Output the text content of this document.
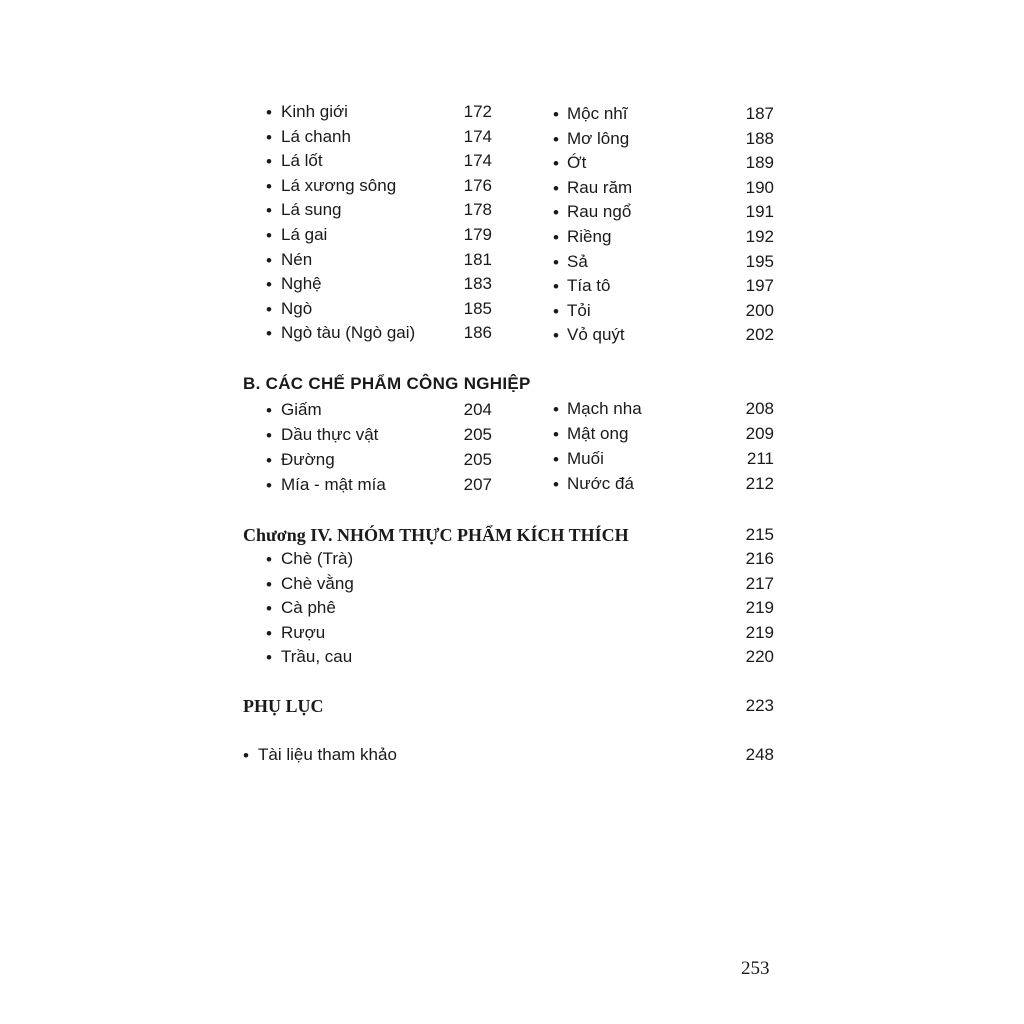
• Kinh giới	172
• Lá chanh	174
• Lá lốt	174
• Lá xương sông	176
• Lá sung	178
• Lá gai	179
• Nén	181
• Nghệ	183
• Ngò	185
• Ngò tàu (Ngò gai)	186
• Mộc nhĩ	187
• Mơ lông	188
• Ớt	189
• Rau răm	190
• Rau ngổ	191
• Riềng	192
• Sả	195
• Tía tô	197
• Tỏi	200
• Vỏ quýt	202
B. CÁC CHẾ PHẨM CÔNG NGHIỆP
• Giấm	204
• Dầu thực vật	205
• Đường	205
• Mía - mật mía	207
• Mạch nha	208
• Mật ong	209
• Muối	211
• Nước đá	212
Chương IV. NHÓM THỰC PHẨM KÍCH THÍCH	215
• Chè (Trà)	216
• Chè vằng	217
• Cà phê	219
• Rượu	219
• Trầu, cau	220
PHỤ LỤC	223
• Tài liệu tham khảo	248
253
